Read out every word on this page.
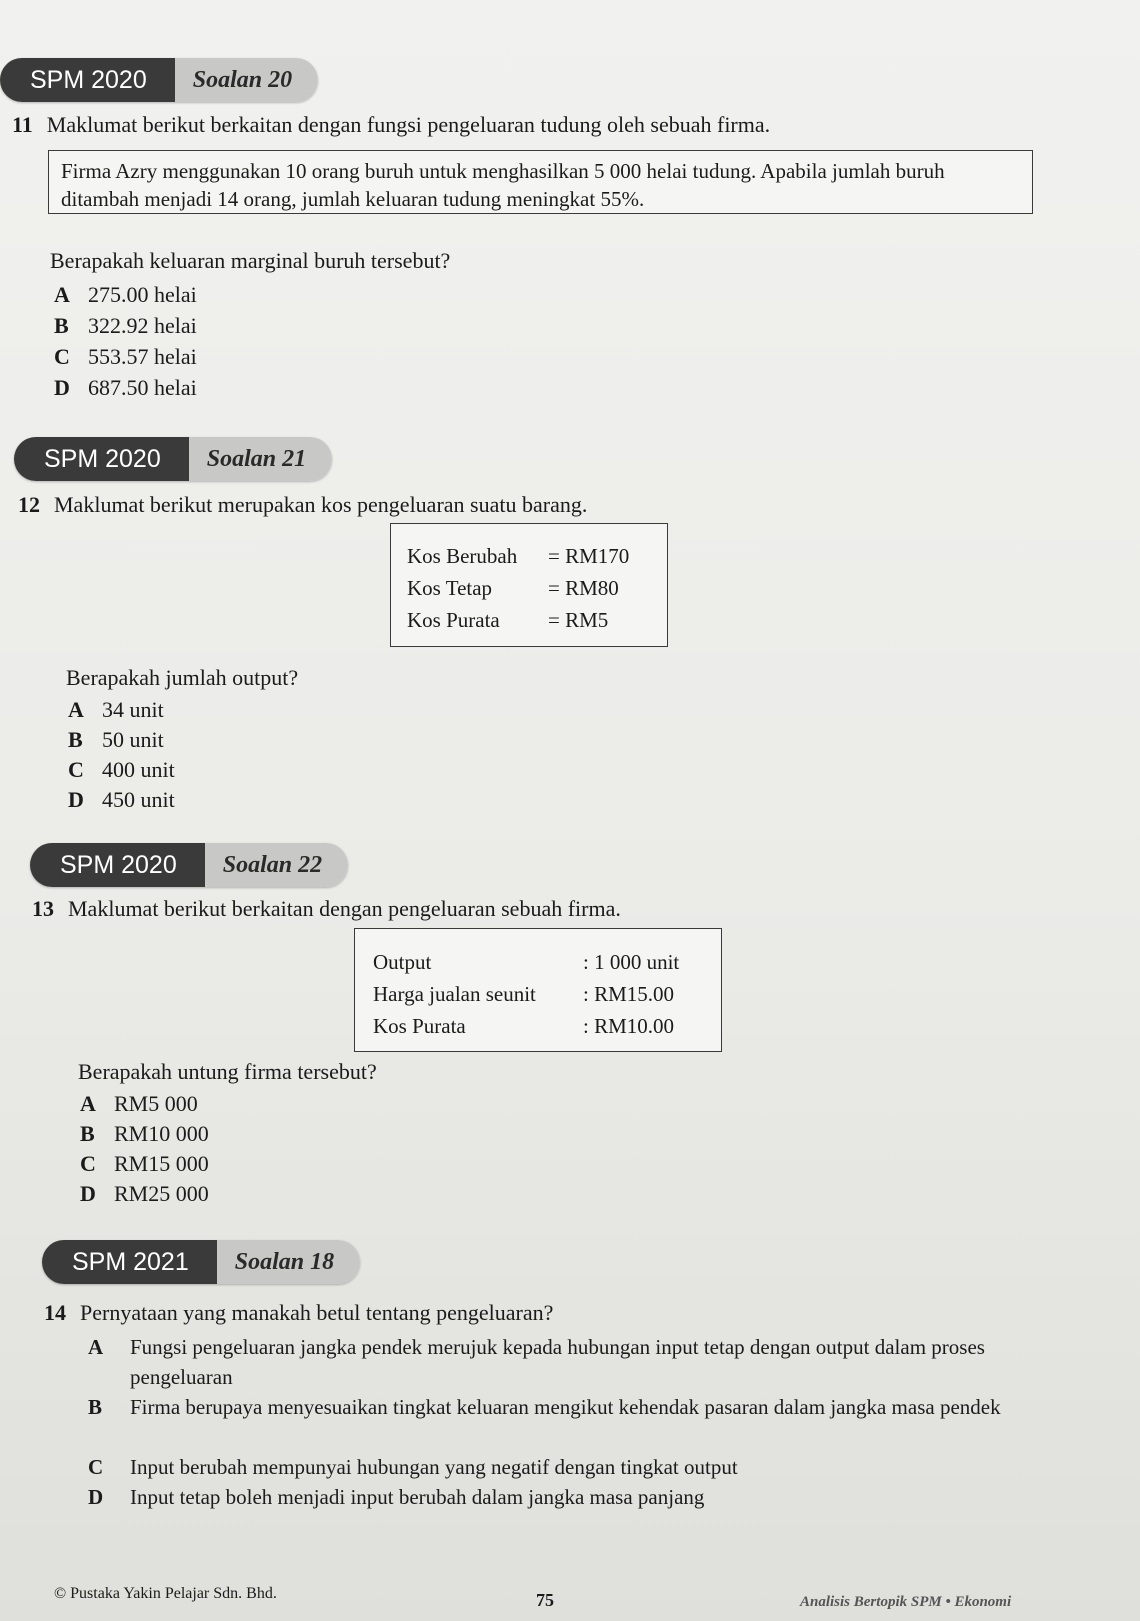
SPM 2020	Soalan 20
11 Maklumat berikut berkaitan dengan fungsi pengeluaran tudung oleh sebuah firma.
Firma Azry menggunakan 10 orang buruh untuk menghasilkan 5 000 helai tudung. Apabila jumlah buruh ditambah menjadi 14 orang, jumlah keluaran tudung meningkat 55%.
Berapakah keluaran marginal buruh tersebut?
A 275.00 helai
B 322.92 helai
C 553.57 helai
D 687.50 helai
SPM 2020	Soalan 21
12 Maklumat berikut merupakan kos pengeluaran suatu barang.
Kos Berubah = RM170
Kos Tetap	= RM80
Kos Purata = RM5
Berapakah jumlah output?
A 34 unit
B 50 unit
C 400 unit
D 450 unit
SPM 2020	Soalan 22
13 Maklumat berikut berkaitan dengan pengeluaran sebuah firma.
Output	: 1 000 unit
Harga jualan seunit : RM15.00
Kos Purata	: RM10.00
Berapakah untung firma tersebut?
A RM5 000
B RM10 000
C RM15 000
D RM25 000
SPM 2021	Soalan 18
14 Pernyataan yang manakah betul tentang pengeluaran?
A	Fungsi pengeluaran jangka pendek merujuk kepada hubungan input tetap dengan output dalam proses pengeluaran
B	Firma berupaya menyesuaikan tingkat keluaran mengikut kehendak pasaran dalam jangka masa pendek
C	Input berubah mempunyai hubungan yang negatif dengan tingkat output
D	Input tetap boleh menjadi input berubah dalam jangka masa panjang
© Pustaka Yakin Pelajar Sdn. Bhd.	75	Analisis Bertopik SPM • Ekonomi
